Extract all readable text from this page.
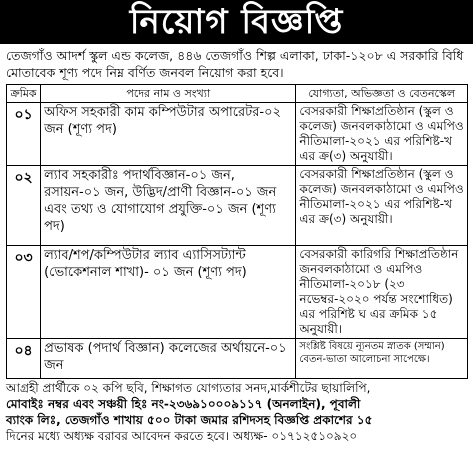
নিয়োগ বিজ্ঞপ্তি
তেজগাঁও আদর্শ স্কুল এন্ড কলেজ, ৪৪৬ তেজগাঁও শিল্প এলাকা, ঢাকা-১২০৮ এ সরকারি বিধি মোতাবেক শূণ্য পদে নিম্ন বর্ণিত জনবল নিয়োগ করা হবে।
ক্রমিক	পদের নাম ও সংখ্যা	যোগ্যতা, অভিজ্ঞতা ও বেতনস্কেল

০১	অফিস সহকারী কাম কম্পিউটার অপারেটর-০২ জন (শূণ্য পদ)	বেসরকারী শিক্ষাপ্রতিষ্ঠান (স্কুল ও কলেজ) জনবলকাঠামো ও এমপিও নীতিমালা-২০২১ এর পরিশিষ্ট-খ এর ক্র(৩) অনুযায়ী।

০২	ল্যাব সহকারীঃ পদার্থবিজ্ঞান-০১ জন, রসায়ন-০১ জন, উদ্ভিদ/প্রাণী বিজ্ঞান-০১ জন এবং তথ্য ও যোগাযোগ প্রযুক্তি-০১ জন (শূণ্য পদ)	বেসরকারী শিক্ষাপ্রতিষ্ঠান (স্কুল ও কলেজ) জনবলকাঠামো ও এমপিও নীতিমালা-২০২১ এর পরিশিষ্ট-খ এর ক্র(৩) অনুযায়ী।

০৩	ল্যাব/শপ/কম্পিউটার ল্যাব এ্যাসিসট্যান্ট (ভোকেশনাল শাখা)- ০১ জন (শূণ্য পদ)	বেসরকারী কারিগরি শিক্ষাপ্রতিষ্ঠান জনবলকাঠামো ও এমপিও নীতিমালা-২০১৮ (২৩ নভেম্বর-২০২০ পর্যন্ত সংশোধিত) এর পরিশিষ্ট ঘ এর ক্রমিক ১৫ অনুযায়ী।

০৪	প্রভাষক (পদার্থ বিজ্ঞান) কলেজের অর্থায়নে-০১ জন	সংশ্লিষ্ট বিষয়ে ন্যূনতম স্নাতক (সম্মান) বেতন-ভাতা আলোচনা সাপেক্ষে।
আগ্রহী প্রার্থীকে ০২ কপি ছবি, শিক্ষাগত যোগ্যতার সনদ,মার্কশীটের ছায়ালিপি,
মোবাইঃ নম্বর এবং সঞ্চয়ী হিঃ নং-২৩৬৯১০০০৯১১৭ (অনলাইন), পূবালী
ব্যাংক লিঃ, তেজগাঁও শাখায় ৫০০ টাকা জমার রশিদসহ বিজ্ঞপ্তি প্রকাশের ১৫
দিনের মধ্যে অধ্যক্ষ বরাবর আবেদন করতে হবে। অধ্যক্ষ- ০১৭১২৫১০৯২০
